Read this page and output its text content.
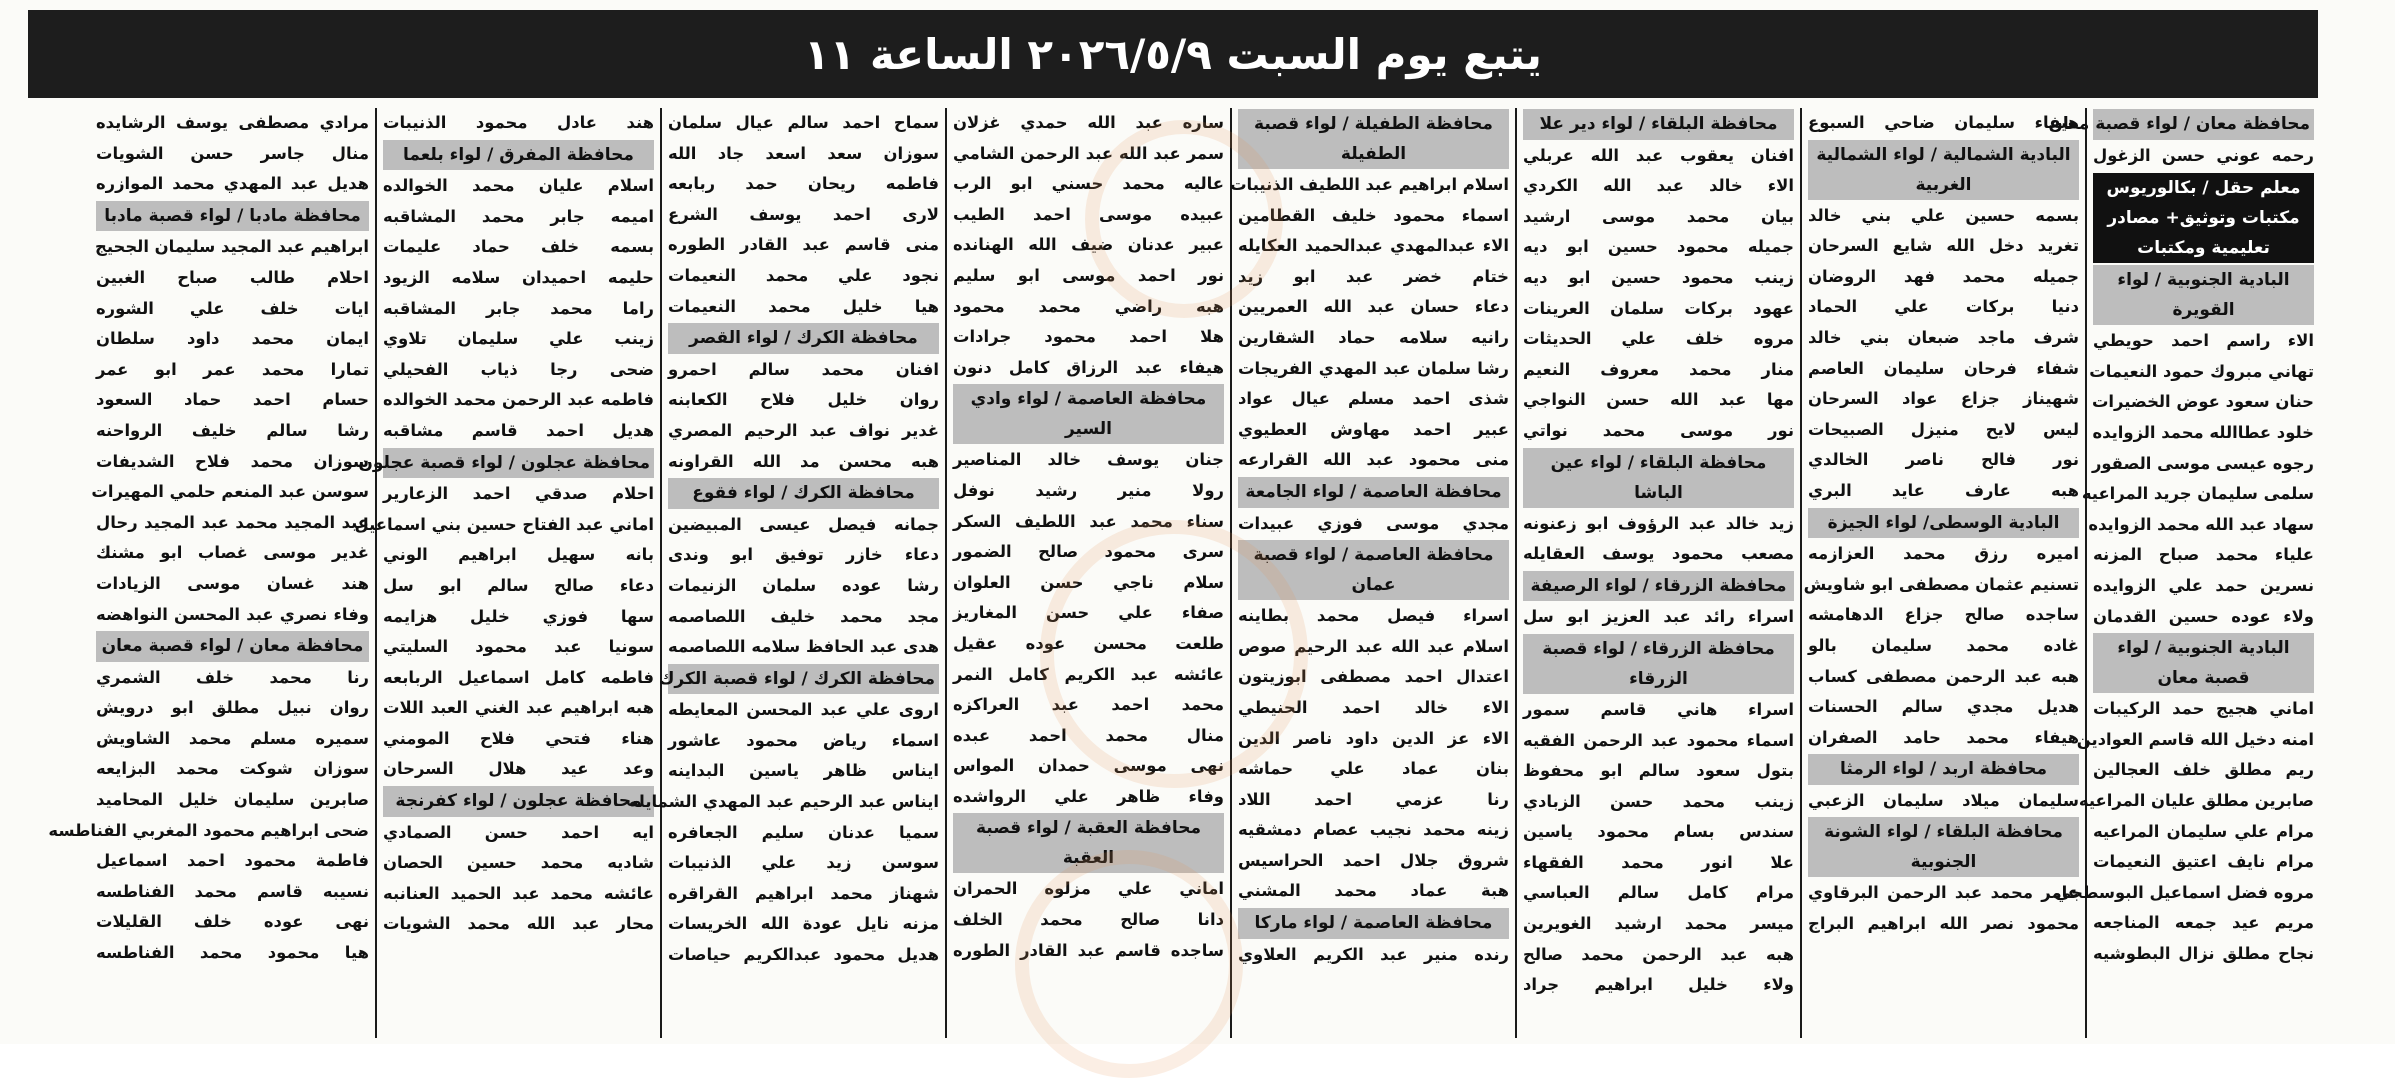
يتبع يوم السبت ٢٠٢٦/٥/٩ الساعة ١١
محافظة معان / لواء قصبة معان
رحمه عوني حسن الزغول
معلم حقل / بكالوريوس مكتبات وتوثيق+ مصادر تعليمية ومكتبات
البادية الجنوبية / لواء القويرة
الاء راسم احمد حويطي
تهاني مبروك حمود النعيمات
حنان سعود عوض الخضيرات
خلود عطاالله محمد الزوايده
رجوه عيسى موسى الصقور
سلمى سليمان جريد المراعيه
سهاد عبد الله محمد الزوايده
علياء محمد صباح المزنه
نسرين حمد علي الزوايده
ولاء عوده حسين القدمان
البادية الجنوبية / لواء قصبة معان
اماني هجيج حمد الركيبات
امنه دخيل الله قاسم العوادين
ريم مطلق خلف العجالين
صابرين مطلق عليان المراعيه
مرام علي سليمان المراعيه
مرام نايف اعتيق النعيمات
مروه فضل اسماعيل البوسطجي
مريم عيد جمعه المناجعه
نجاح مطلق نزال البطوشيه
هيفاء سليمان ضاحي السبوع
البادية الشمالية / لواء الشمالية الغربية
بسمه حسين علي بني خالد
تغريد دخل الله شايع السرحان
جميله محمد فهد الروضان
دنيا بركات علي الحماد
شرف ماجد ضبعان بني خالد
شفاء فرحان سليمان العاصم
شهيناز جزاع عواد السرحان
ليس لايح منيزل الصبيحات
نور فالح ناصر الخالدي
هبه عارف عايد البري
البادية الوسطى/ لواء الجيزة
اميره رزق محمد العزازمه
تسنيم عثمان مصطفى ابو شاويش
ساجده صالح جزاع الدهامشه
غاده محمد سليمان بالو
هبه عبد الرحمن مصطفى كساب
هديل مجدي سالم الحسنات
هيفاء محمد حامد الصفران
محافظة اربد / لواء الرمثا
سليمان ميلاد سليمان الزعبي
محافظة البلقاء / لواء الشونة الجنوبية
عامر محمد عبد الرحمن البرقاوي
محمود نصر الله ابراهيم البراج
محافظة البلقاء / لواء دير علا
افنان يعقوب عبد الله عربلي
الاء خالد عبد الله الكردي
بيان محمد موسى ارشيد
جميله محمود حسين ابو ديه
زينب محمود حسين ابو ديه
عهود بركات سلمان العرينات
مروه خلف علي الحديثات
منار محمد معروف النعيم
مها عبد الله حسن النواجي
نور موسى محمد نواتي
محافظة البلقاء / لواء عين الباشا
زيد خالد عبد الرؤوف ابو زعنونه
مصعب محمود يوسف العقايله
محافظة الزرقاء / لواء الرصيفة
اسراء رائد عبد العزيز ابو سل
محافظة الزرقاء / لواء قصبة الزرقاء
اسراء هاني قاسم سمور
اسماء محمود عبد الرحمن الفقيه
بتول سعود سالم ابو محفوظ
زينب محمد حسن الزبادي
سندس بسام محمود ياسين
علا انور محمد الفقهاء
مرام كامل سالم العباسي
ميسر محمد ارشيد الغويرين
هبه عبد الرحمن محمد صالح
ولاء خليل ابراهيم جراد
محافظة الطفيلة / لواء قصبة الطفيلة
اسلام ابراهيم عبد اللطيف الذنيبات
اسماء محمود خليف القطامين
الاء عبدالمهدي عبدالحميد العكايله
ختام خضر عبد ابو زيد
دعاء حسان عبد الله العمريين
رانيه سلامه حماد الشقارين
رشا سلمان عبد المهدي الفريجات
شذى احمد مسلم عيال عواد
عبير احمد مهاوش العطيوي
منى محمود عبد الله القرارعه
محافظة العاصمة / لواء الجامعة
مجدي موسى فوزي عبيدات
محافظة العاصمة / لواء قصبة عمان
اسراء فيصل محمد بطاينه
اسلام عبد الله عبد الرحيم صوص
اعتدال احمد مصطفى ابوزيتون
الاء خالد احمد الحنيطي
الاء عز الدين داود ناصر الدين
بنان عماد علي حماشه
رنا عزمي احمد اللاد
زينه محمد نجيب عصام دمشقيه
شروق جلال احمد الحراسيس
هبة عماد محمد المشني
محافظة العاصمة / لواء ماركا
رنده منير عبد الكريم العلاوي
ساره عبد الله حمدي غزلان
سمر عبد الله عبد الرحمن الشامي
عاليه محمد حسني ابو الرب
عبيده موسى احمد الطيب
عبير عدنان ضيف الله الهنانده
نور احمد موسى ابو سليم
هبه راضي محمد محمود
هلا احمد محمود جرادات
هيفاء عبد الرزاق كامل دنون
محافظة العاصمة / لواء وادي السير
جنان يوسف خالد المناصير
رولا منير رشيد نوفل
سناء محمد عبد اللطيف السكر
سرى محمود صالح الضمور
سلام ناجي حسن العلوان
صفاء علي حسن المغاريز
طلعت محسن عوده عقيل
عائشه عبد الكريم كامل النمر
محمد احمد عبد العراكزه
منال محمد احمد عبده
نهى موسى حمدان المواس
وفاء ظاهر علي الرواشده
محافظة العقبة / لواء قصبة العقبة
اماني علي مزلوه الحمران
دانا صالح محمد الخلف
ساجده قاسم عبد القادر الطوره
سماح احمد سالم عيال سلمان
سوزان سعد اسعد جاد الله
فاطمه ريحان حمد ربابعه
لارى احمد يوسف الشرع
منى قاسم عبد القادر الطوره
نجود علي محمد النعيمات
هيا خليل محمد النعيمات
محافظة الكرك / لواء القصر
افنان محمد سالم احمرو
روان خليل فلاح الكعابنه
غدير نواف عبد الرحيم المصري
هبه محسن مد الله القراونه
محافظة الكرك / لواء فقوع
جمانه فيصل عيسى المبيضين
دعاء خازر توفيق ابو وندى
رشا عوده سلمان الزنيمات
مجد محمد خليف اللصاصمه
هدى عبد الحافظ سلامه اللصاصمه
محافظة الكرك / لواء قصبة الكرك
اروى علي عبد المحسن المعايطه
اسماء رياض محمود عاشور
ايناس ظاهر ياسين البداينه
ايناس عبد الرحيم عبد المهدي الشمايله
سميا عدنان سليم الجعافره
سوسن زيد علي الذنيبات
شهناز محمد ابراهيم القراقره
مزنه نايل عودة الله الخريسات
هديل محمود عبدالكريم حياصات
هند عادل محمود الذنيبات
محافظة المفرق / لواء بلعما
اسلام عليان محمد الخوالده
اميمه جابر محمد المشاقبه
بسمه خلف حماد عليمات
حليمه احميدان سلامه الزيود
راما محمد جابر المشاقبه
زينب علي سليمان تلاوي
ضحى رجا ذياب الفحيلي
فاطمه عبد الرحمن محمد الخوالده
هديل احمد قاسم مشاقبه
محافظة عجلون / لواء قصبة عجلون
احلام صدقي احمد الزعارير
اماني عبد الفتاح حسين بني اسماعيل
بانه سهيل ابراهيم الوني
دعاء صالح سالم ابو سل
سها فوزي خليل هزايمه
سونيا عبد محمود السليتي
فاطمه كامل اسماعيل الربابعه
هبه ابراهيم عبد الغني العبد اللات
هناء فتحي فلاح المومني
وعد عيد هلال السرحان
محافظة عجلون / لواء كفرنجة
ايه احمد حسن الصمادي
شاديه محمد حسين الحصان
عائشه محمد عبد الحميد العنانبه
محار عبد الله محمد الشويات
مرادي مصطفى يوسف الرشايده
منال جاسر حسن الشويات
هديل عبد المهدي محمد الموازره
محافظة مادبا / لواء قصبة مادبا
ابراهيم عبد المجيد سليمان الجحيج
احلام طالب صباح الغبين
ايات خلف علي الشوره
ايمان محمد داود سلطان
تمارا محمد عمر ابو عمر
حسام احمد حماد السعود
رشا سالم خليف الرواحنه
سوزان محمد فلاح الشديفات
سوسن عبد المنعم حلمي المهيرات
عبد المجيد محمد عبد المجيد رحال
غدير موسى غصاب ابو مشنك
هند غسان موسى الزيادات
وفاء نصري عبد المحسن النواهضه
محافظة معان / لواء قصبة معان
رنا محمد خلف الشمري
روان نبيل مطلق ابو درويش
سميره مسلم محمد الشاويش
سوزان شوكت محمد البزايعه
صابرين سليمان خليل المحاميد
ضحى ابراهيم محمود المغربي الفناطسه
فاطمة محمود احمد اسماعيل
نسيبه قاسم محمد الفناطسه
نهى عوده خلف القليلات
هيا محمود محمد الفناطسه
